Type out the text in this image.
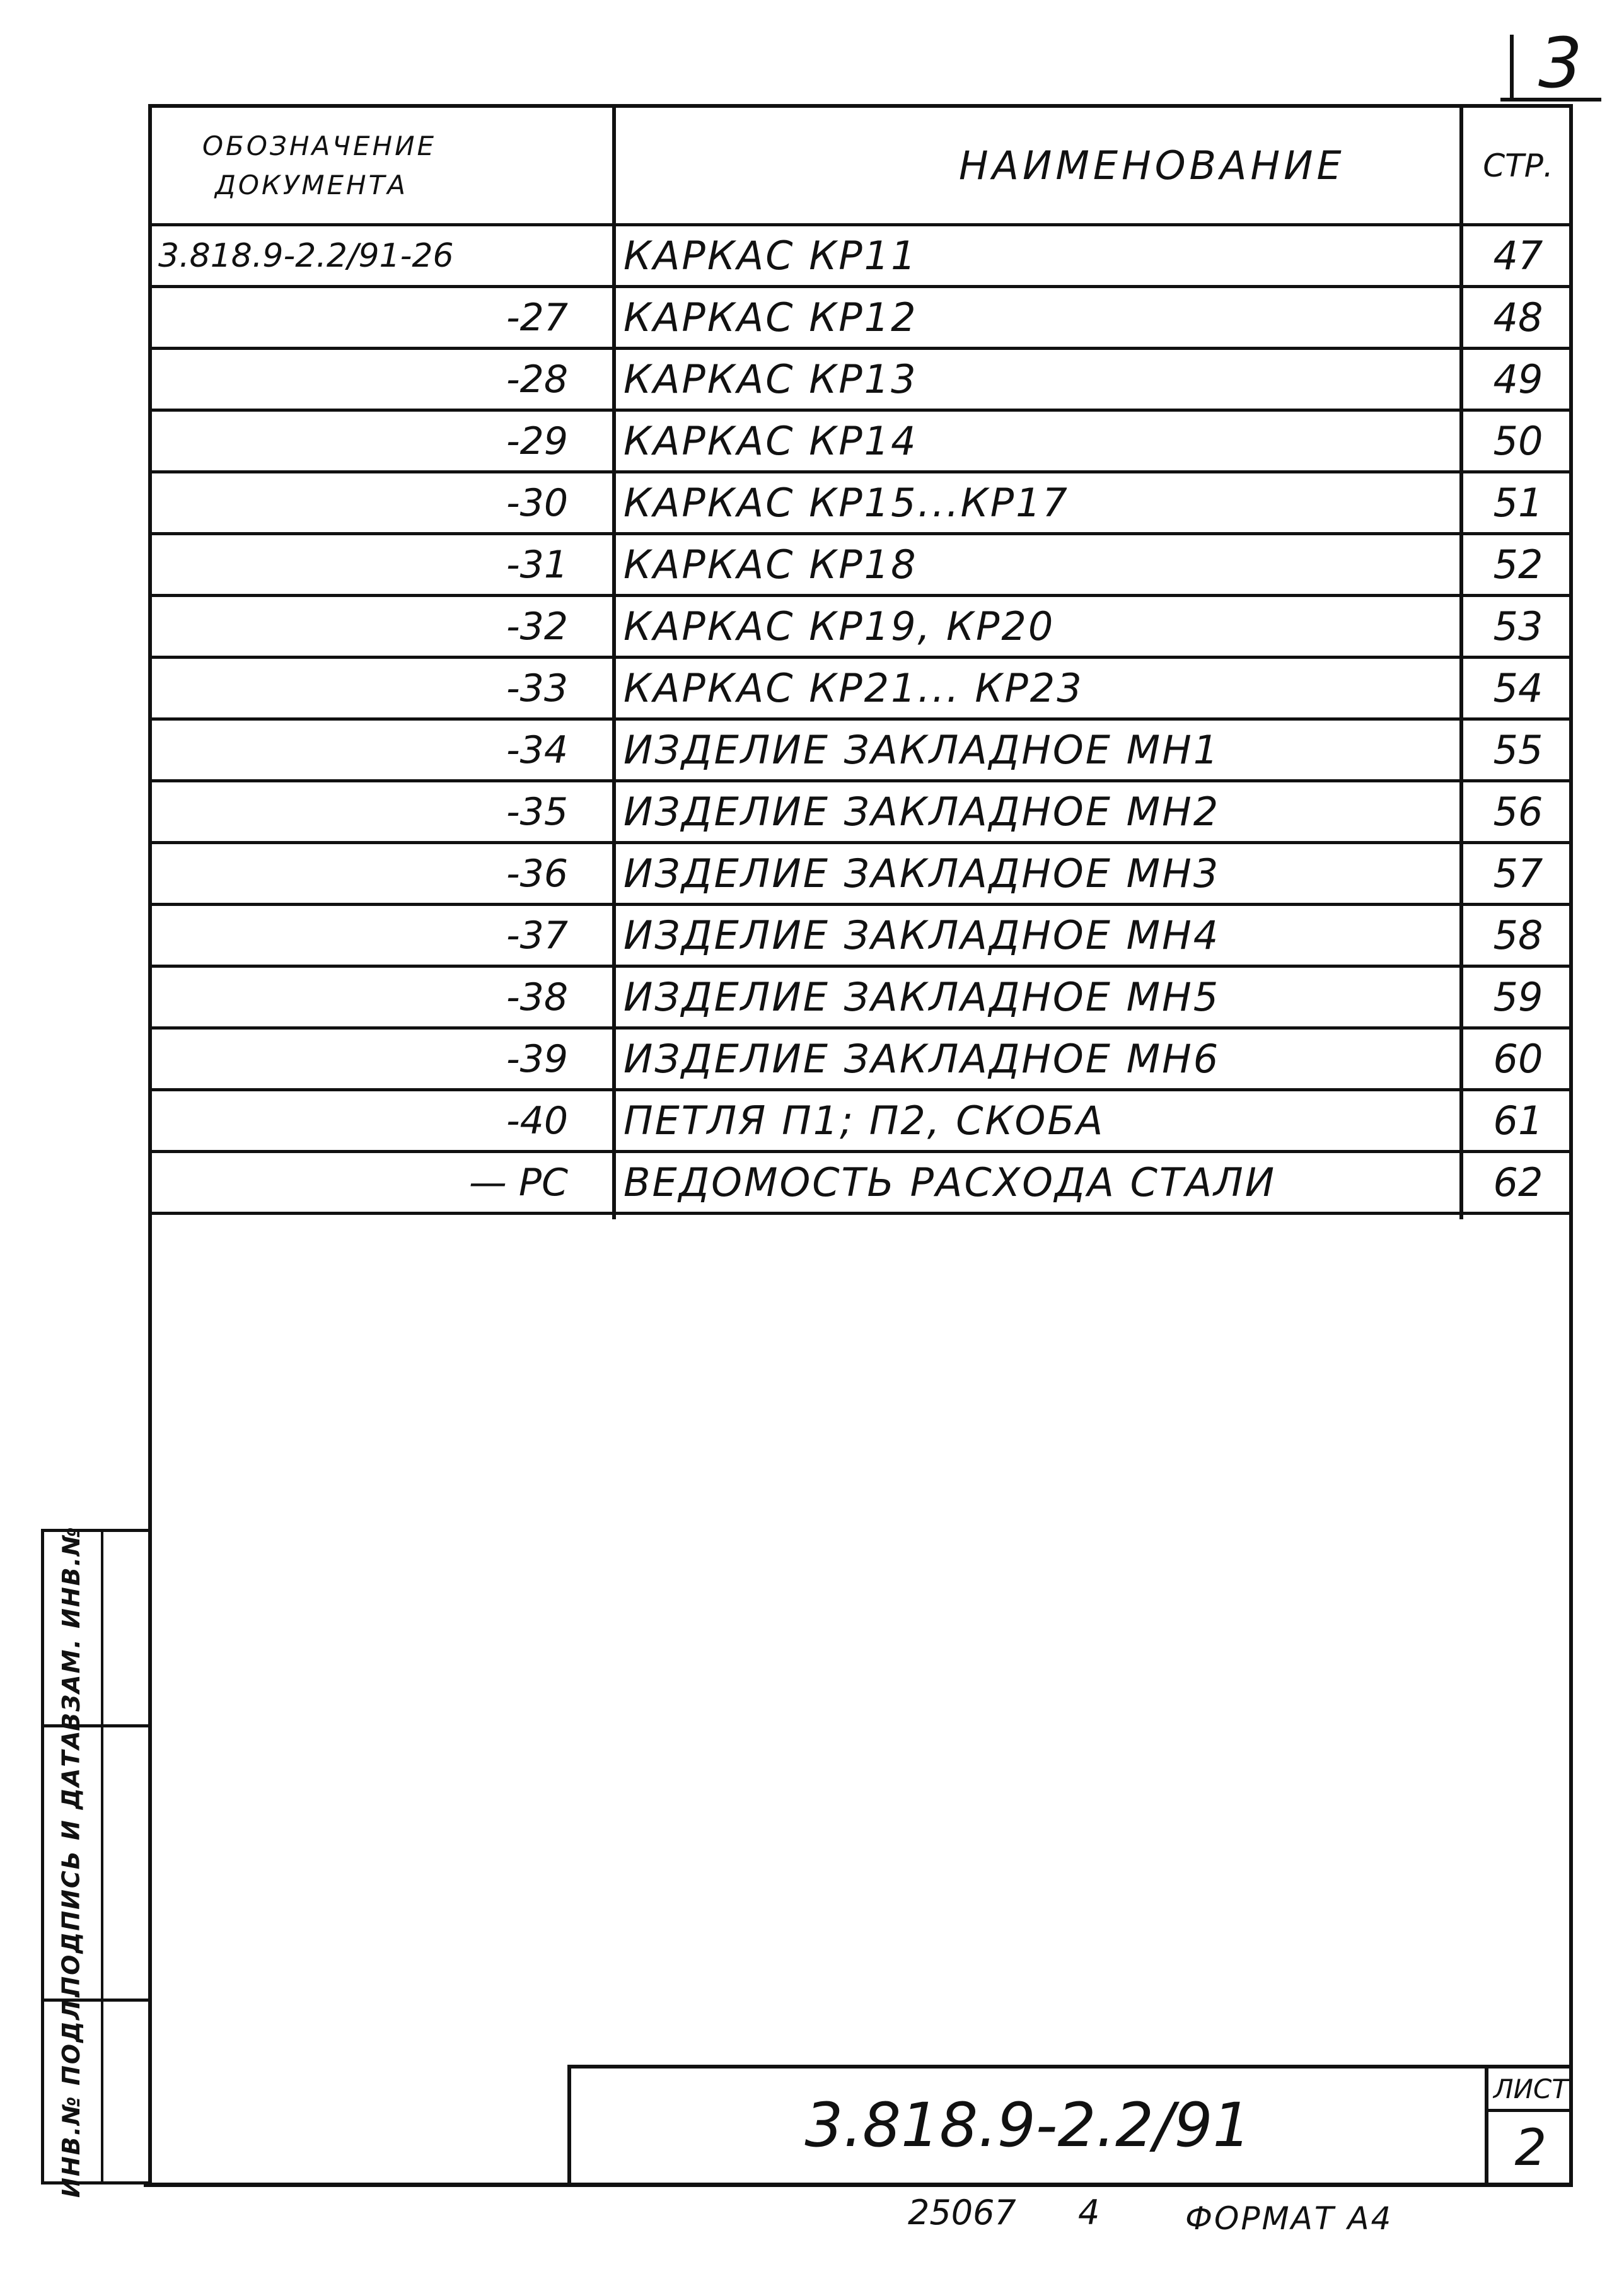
3
ОБОЗНАЧЕНИЕ
ДОКУМЕНТА	НАИМЕНОВАНИЕ	СТР.
3.818.9-2.2/91-26	КАРКАС КР11	47
-27	КАРКАС КР12	48
-28	КАРКАС КР13	49
-29	КАРКАС КР14	50
-30	КАРКАС КР15...КР17	51
-31	КАРКАС КР18	52
-32	КАРКАС КР19, КР20	53
-33	КАРКАС КР21... КР23	54
-34	ИЗДЕЛИЕ ЗАКЛАДНОЕ МН1	55
-35	ИЗДЕЛИЕ ЗАКЛАДНОЕ МН2	56
-36	ИЗДЕЛИЕ ЗАКЛАДНОЕ МН3	57
-37	ИЗДЕЛИЕ ЗАКЛАДНОЕ МН4	58
-38	ИЗДЕЛИЕ ЗАКЛАДНОЕ МН5	59
-39	ИЗДЕЛИЕ ЗАКЛАДНОЕ МН6	60
-40	ПЕТЛЯ П1; П2, СКОБА	61
— РС	ВЕДОМОСТЬ РАСХОДА СТАЛИ	62
ВЗАМ. ИНВ.№
ПОДПИСЬ И ДАТА
ИНВ.№ ПОДЛ.	3.818.9-2.2/91
ЛИСТ
2
25067 4	ФОРМАТ А4
